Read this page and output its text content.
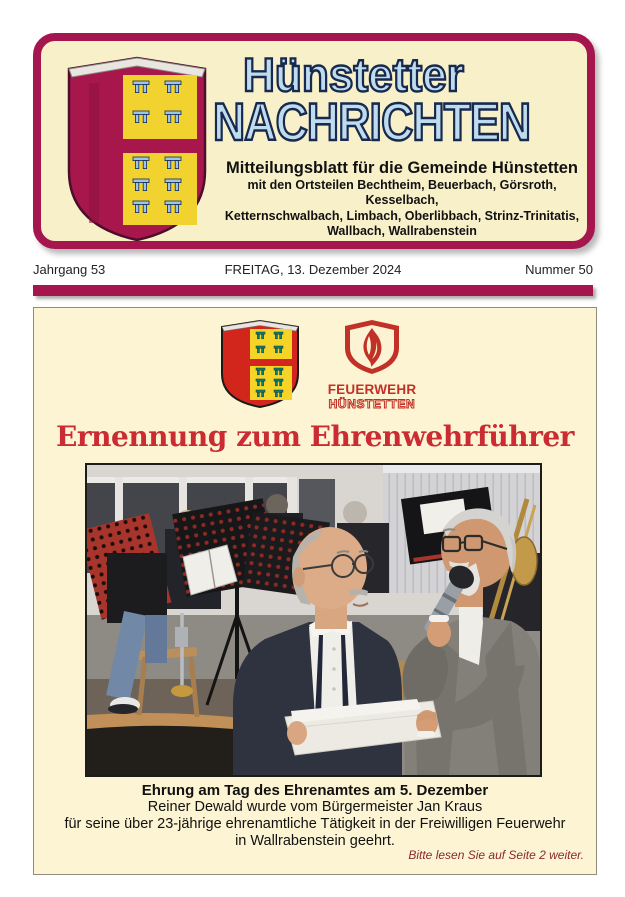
Hünstetter
NACHRICHTEN
Mitteilungsblatt für die Gemeinde Hünstetten
mit den Ortsteilen Bechtheim, Beuerbach, Görsroth, Kesselbach,
Ketternschwalbach, Limbach, Oberlibbach, Strinz-Trinitatis,
Wallbach, Wallrabenstein
Jahrgang 53	FREITAG, 13. Dezember 2024	Nummer 50
FEUERWEHR
HÜNSTETTEN
Ernennung zum Ehrenwehrführer
Ehrung am Tag des Ehrenamtes am 5. Dezember
Reiner Dewald wurde vom Bürgermeister Jan Kraus
für seine über 23-jährige ehrenamtliche Tätigkeit in der Freiwilligen Feuerwehr
in Wallrabenstein geehrt.
Bitte lesen Sie auf Seite 2 weiter.
